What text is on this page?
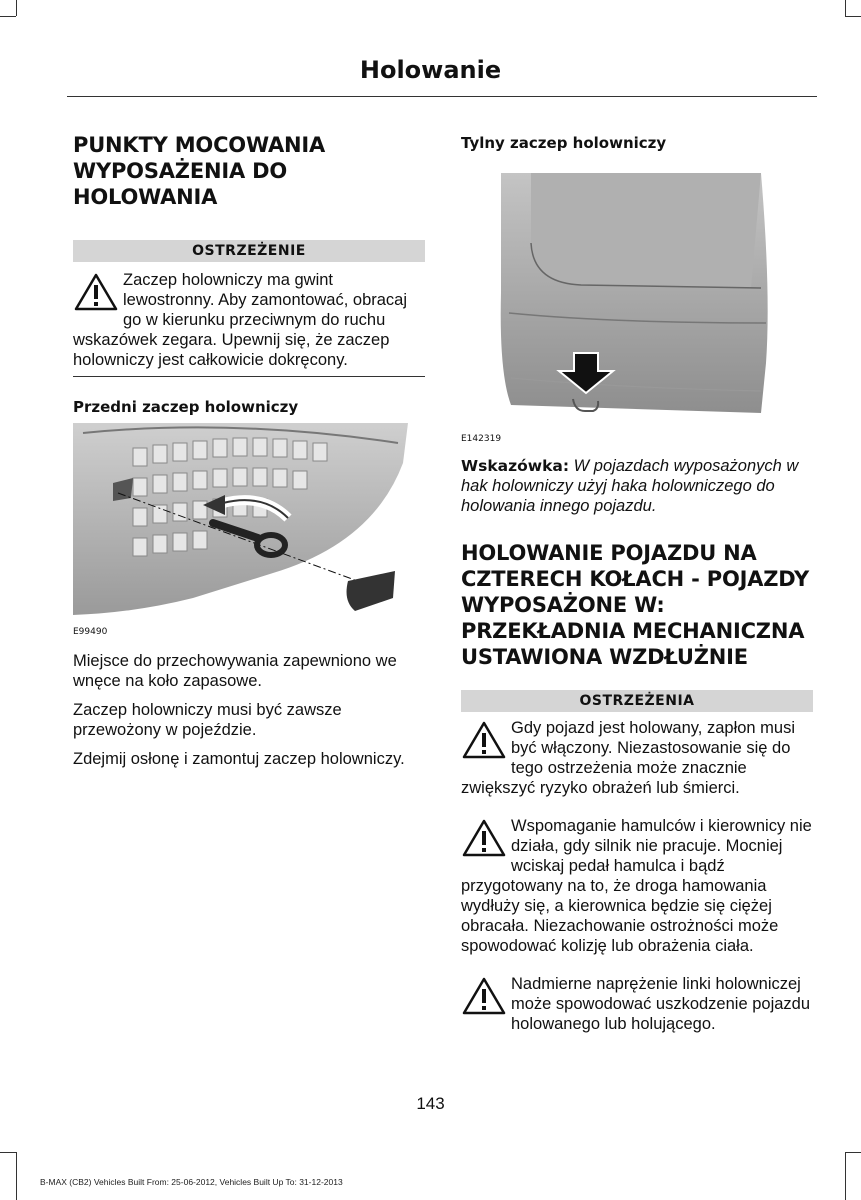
Holowanie
PUNKTY MOCOWANIA WYPOSAŻENIA DO HOLOWANIA
OSTRZEŻENIE

Zaczep holowniczy ma gwint lewostronny. Aby zamontować, obracaj go w kierunku przeciwnym do ruchu wskazówek zegara. Upewnij się, że zaczep holowniczy jest całkowicie dokręcony.

Przedni zaczep holowniczy
E99490

Miejsce do przechowywania zapewniono we wnęce na koło zapasowe.

Zaczep holowniczy musi być zawsze przewożony w pojeździe.

Zdejmij osłonę i zamontuj zaczep holowniczy.

Tylny zaczep holowniczy
E142319

Wskazówka: W pojazdach wyposażonych w hak holowniczy użyj haka holowniczego do holowania innego pojazdu.

HOLOWANIE POJAZDU NA CZTERECH KOŁACH - POJAZDY WYPOSAŻONE W: PRZEKŁADNIA MECHANICZNA USTAWIONA WZDŁUŻNIE
OSTRZEŻENIA

Gdy pojazd jest holowany, zapłon musi być włączony. Niezastosowanie się do tego ostrzeżenia może znacznie zwiększyć ryzyko obrażeń lub śmierci.

Wspomaganie hamulców i kierownicy nie działa, gdy silnik nie pracuje. Mocniej wciskaj pedał hamulca i bądź przygotowany na to, że droga hamowania wydłuży się, a kierownica będzie się ciężej obracała. Niezachowanie ostrożności może spowodować kolizję lub obrażenia ciała.

Nadmierne naprężenie linki holowniczej może spowodować uszkodzenie pojazdu holowanego lub holującego.

143
B-MAX (CB2) Vehicles Built From: 25-06-2012, Vehicles Built Up To: 31-12-2013
